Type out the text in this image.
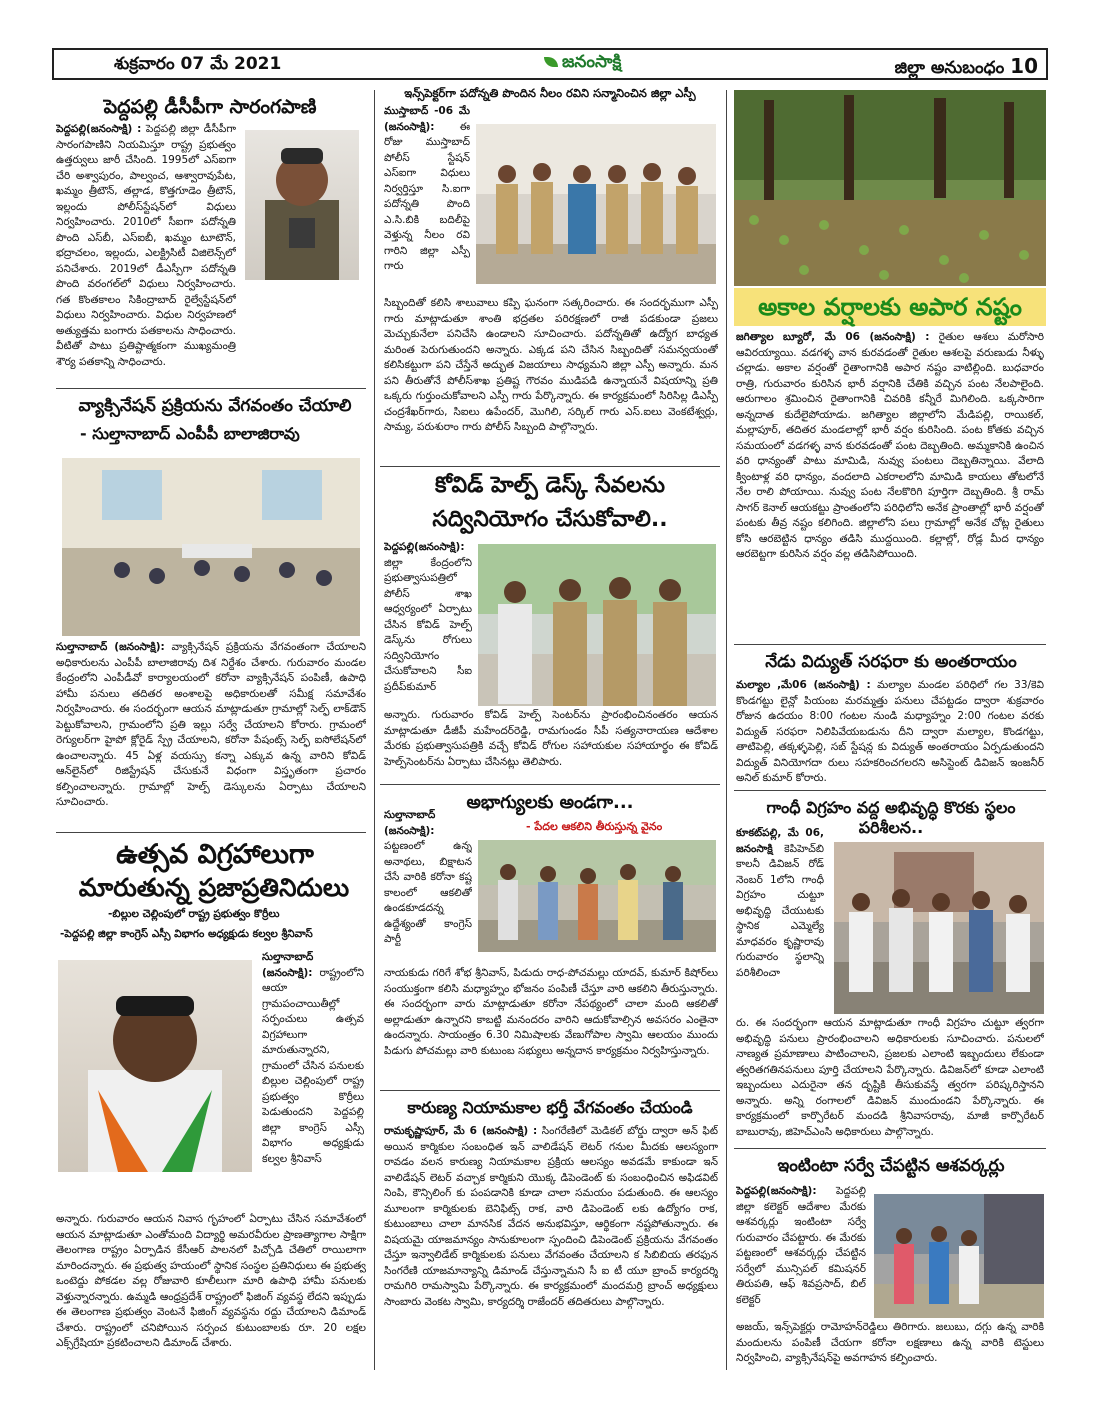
శుక్రవారం 07 మే 2021	జనంసాక్షి	జిల్లా అనుబంధం 10
పెద్దపల్లి డీసీపీగా సారంగపాణి
పెద్దపల్లి(జనంసాక్షి) : పెద్దపల్లి జిల్లా డీసీపీగా సారంగపాణిని నియమిస్తూ రాష్ట్ర ప్రభుత్వం ఉత్తర్వులు జారీ చేసింది. 1995లో ఎస్ఐగా చేరి అశ్వాపురం, పాల్వంచ, ఆశ్వారావుపేట, ఖమ్మం త్రీటౌన్, తల్లాడ, కొత్తగూడెం త్రీటౌన్, ఇల్లందు పోలీస్‌స్టేషన్‌లో విధులు నిర్వహించారు. 2010లో సీఐగా పదోన్నతి పొంది ఎస్‌బీ, ఎస్‌ఐబీ, ఖమ్మం టూటౌన్, భద్రాచలం, ఇల్లందు, ఎలక్ట్రిసిటీ విజిలెన్స్‌లో పనిచేశారు. 2019లో డీఎస్పీగా పదోన్నతి పొంది వరంగల్‌లో విధులు నిర్వహించారు. గత కొంతకాలం సికింద్రాబాద్ రైల్వేస్టేషన్‌లో విధులు నిర్వహించారు. విధుల నిర్వహణలో అత్యుత్తమ బంగారు పతకాలను సాధించారు. వీటితో పాటు ప్రతిష్టాత్మకంగా ముఖ్యమంత్రి శౌర్య పతకాన్ని సాధించారు.
వ్యాక్సినేషన్ ప్రక్రియను వేగవంతం చేయాలి
- సుల్తానాబాద్ ఎంపీపీ బాలాజిరావు
సుల్తానాబాద్ (జనంసాక్షి): వ్యాక్సినేషన్ ప్రక్రియను వేగవంతంగా చేయాలని అధికారులను ఎంపీపీ బాలాజిరావు దిశ నిర్దేశం చేశారు. గురువారం మండల కేంద్రంలోని ఎంపీడీవో కార్యాలయంలో కరోనా వ్యాక్సినేషన్ పంపిణీ, ఉపాధి హామీ పనులు తదితర అంశాలపై అధికారులతో సమీక్ష సమావేశం నిర్వహించారు. ఈ సందర్భంగా ఆయన మాట్లాడుతూ గ్రామాల్లో సెల్ఫ్ లాక్‌డౌన్ పెట్టుకోవాలని, గ్రామంలోని ప్రతి ఇల్లు సర్వే చేయాలని కోరారు. గ్రామంలో రెగ్యులర్‌గా హైపో క్లోరైడ్ స్ప్రే చేయాలని, కరోనా పేషంట్స్ సెల్ఫ్ ఐసోలేషన్‌లో ఉంచాలన్నారు. 45 ఏళ్ల వయస్సు కన్నా ఎక్కువ ఉన్న వారిని కోవిడ్ ఆన్‌లైన్‌లో రిజిస్ట్రేషన్ చేసుకునే విధంగా విస్తృతంగా ప్రచారం కల్పించాలన్నారు. గ్రామాల్లో హెల్ప్ డెస్కులను ఏర్పాటు చేయాలని సూచించారు.
ఉత్సవ విగ్రహాలుగా
మారుతున్న ప్రజాప్రతినిదులు
-బిల్లుల చెల్లింపులో రాష్ట్ర ప్రభుత్వం కొర్రీలు
-పెద్దపల్లి జిల్లా కాంగ్రెస్ ఎస్సీ విభాగం అధ్యక్షుడు కల్వల శ్రీనివాస్
సుల్తానాబాద్ (జనంసాక్షి): రాష్ట్రంలోని ఆయా గ్రామపంచాయితీల్లో సర్పంచులు ఉత్సవ విగ్రహాలుగా మారుతున్నారని, గ్రామంలో చేసిన పనులకు బిల్లుల చెల్లింపులో రాష్ట్ర ప్రభుత్వం కొర్రీలు పెడుతుందని పెద్దపల్లి జిల్లా కాంగ్రెస్ ఎస్సీ విభాగం అధ్యక్షుడు కల్వల శ్రీనివాస్
అన్నారు. గురువారం ఆయన నివాస గృహంలో ఏర్పాటు చేసిన సమావేశంలో ఆయన మాట్లాడుతూ ఎంతోమంది విద్యార్థి అమరవీరుల ప్రాణత్యాగాల సాక్షిగా తెలంగాణ రాష్ట్రం ఏర్పాడిన కేసీఆర్ పాలనలో పిచ్చోడి చేతిలో రాయిలాగా మారిందన్నారు. ఈ ప్రభుత్వ హయంలో స్థానిక సంస్థల ప్రతినిధులు ఈ ప్రభుత్వ ఒంటెద్దు పోకడల వల్ల రోజువారి కూలీలుగా మారి ఉపాధి హామీ పనులకు వెళ్తున్నారన్నారు. ఉమ్మడి ఆంధ్రప్రదేశ్ రాష్ట్రంలో ఫిజింగ్ వ్యవస్థ లేదని ఇప్పుడు ఈ తెలంగాణ ప్రభుత్వం వెంటనే ఫిజింగ్ వ్యవస్థను రద్దు చేయాలని డిమాండ్ చేశారు. రాష్ట్రంలో చనిపోయిన సర్పంచ కుటుంబాలకు రూ. 20 లక్షల ఎక్స్‌గ్రేషియా ప్రకటించాలని డిమాండ్ చేశారు.
ఇన్స్‌పెక్టర్‌గా పదోన్నతి పొందిన నీలం రవిని సన్మానించిన జిల్లా ఎస్పీ
ముస్తాబాద్ -06 మే (జనంసాక్షి): ఈ రోజు ముస్తాబాద్ పోలీస్ స్టేషన్ ఎస్ఐగా విధులు నిర్వర్తిస్తూ సి.ఐగా పదోన్నతి పొంది ఎ.సి.బికి బదిలీపై వెళ్తున్న నీలం రవి గారిని జిల్లా ఎస్పీ గారు
సిబ్బందితో కలిసి శాలువాలు కప్పి ఘనంగా సత్కరించారు. ఈ సందర్భముగా ఎస్పీ గారు మాట్లాడుతూ శాంతి భద్రతల పరిరక్షణలో రాజీ పడకుండా ప్రజలు మెచ్చుకునేలా పనిచేసి ఉండాలని సూచించారు. పదోన్నతితో ఉద్యోగ బాధ్యత మరింత పెరుగుతుందని అన్నారు. ఎక్కడ పని చేసిన సిబ్బందితో సమన్వయంతో కలిసికట్టుగా పని చేస్తేనే అద్భుత విజయాలు సాధ్యమని జిల్లా ఎస్పీ అన్నారు. మన పని తీరుతోనే పోలీస్‌శాఖ ప్రతిష్ట గౌరవం ముడిపడి ఉన్నాయనే విషయాన్ని ప్రతి ఒక్కరు గుర్తుంచుకోవాలని ఎస్పీ గారు పేర్కొన్నారు. ఈ కార్యక్రమంలో సిరిసిల్ల డిఎస్పీ చంద్రశేఖర్‌గారు, సిఐలు ఉపేందర్, మొగిలి, సర్కిల్ గారు ఎస్.ఐలు వెంకటేశ్వర్లు, సామ్య, పరుశురాం గారు పోలీస్ సిబ్బంది పాల్గొన్నారు.
కోవిడ్ హెల్ప్ డెస్క్ సేవలను
సద్వినియోగం చేసుకోవాలి..
పెద్దపల్లి(జనంసాక్షి): జిల్లా కేంద్రంలోని ప్రభుత్వాసుపత్రిలో పోలీస్ శాఖ ఆధ్వర్యంలో ఏర్పాటు చేసిన కోవిడ్ హెల్ప్ డెస్క్‌ను రోగులు సద్వినియోగం చేసుకోవాలని సీఐ ప్రదీప్‌కుమార్
అన్నారు. గురువారం కోవిడ్ హెల్ప్ సెంటర్‌ను ప్రారంభించినంతరం ఆయన మాట్లాడుతూ డీజీపీ మహేందర్‌రెడ్డి, రామగుండం సీపీ సత్యనారాయణ ఆదేశాల మేరకు ప్రభుత్వాసుపత్రికి వచ్చే కోవిడ్ రోగుల సహాయకుల సహాయార్థం ఈ కోవిడ్ హెల్ప్‌సెంటర్‌ను ఏర్పాటు చేసినట్లు తెలిపారు.
అభాగ్యులకు అండగా...
- పేదల ఆకలిని తీరుస్తున్న వైనం
సుల్తానాబాద్ (జనంసాక్షి): పట్టణంలో ఉన్న అనాథలు, బిక్షాటన చేసే వారికి కరోనా కష్ట కాలంలో ఆకలితో ఉండకూడదన్న ఉద్దేశ్యంతో కాంగ్రెస్ పార్టీ
నాయకుడు గరిగే శోభ శ్రీనివాస్, పిడుదు రాధ-పోచమల్లు యాదవ్, కుమార్ కిషోర్‌లు సంయుక్తంగా కలిసి మధ్యాహ్నం భోజనం పంపిణీ చేస్తూ వారి ఆకలిని తీరుస్తున్నారు. ఈ సందర్భంగా వారు మాట్లాడుతూ కరోనా నేపథ్యంలో చాలా మంది ఆకలితో అల్లాడుతూ ఉన్నారని కాబట్టి మనందరం వారిని ఆదుకోవాల్సిన అవసరం ఎంతైనా ఉందన్నారు. సాయంత్రం 6.30 నిమిషాలకు వేణుగోపాల స్వామి ఆలయం ముందు పిడుగు పోచమల్లు వారి కుటుంబ సభ్యులు అన్నదాన కార్యక్రమం నిర్వహిస్తున్నారు.
కారుణ్య నియామకాల భర్తీ వేగవంతం చేయండి
రామకృష్ణాపూర్, మే 6 (జనంసాక్షి) : సింగరేణిలో మెడికల్ బోర్డు ద్వారా అన్ ఫిట్ అయిన కార్మికుల సంబంధిత ఇన్ వాలిడేషన్ లెటర్ గనుల మీదకు ఆలస్యంగా రావడం వలన కారుణ్య నియామకాల ప్రక్రియ ఆలస్యం అవడమే కాకుండా ఇన్ వాలిడేషన్ లెటర్ వచ్చాక కార్మికుని యొక్క డిపెండెంట్ కు సంబంధించిన అఫిడవిట్ నింపి, కౌన్సిలింగ్ కు పంపడానికి కూడా చాలా సమయం పడుతుంది. ఈ ఆలస్యం మూలంగా కార్మికులకు బెనిఫిట్స్ రాక, వారి డిపెండెంట్ లకు ఉద్యోగం రాక, కుటుంబాలు చాలా మానసిక వేదన అనుభవిస్తూ, ఆర్థికంగా నష్టపోతున్నారు. ఈ విషయమై యాజమాన్యం సానుకూలంగా స్పందించి డిపెండెంట్ ప్రక్రియను వేగవంతం చేస్తూ ఇన్వాలిడేట్ కార్మికులకు పనులు వేగవంతం చేయాలని క సిబిబియ తరఫున సింగరేణి యాజమాన్యాన్ని డిమాండ్ చేస్తున్నామని సీ ఐ టీ యూ బ్రాంచ్ కార్యదర్శి రామగిరి రామస్వామి పేర్కొన్నారు. ఈ కార్యక్రమంలో మందమర్రి బ్రాంచ్ అధ్యక్షులు సాంబారు వెంకట స్వామి, కార్యదర్శి రాజేందర్ తదితరులు పాల్గొన్నారు.
అకాల వర్షాలకు అపార నష్టం
జగిత్యాల బ్యూరో, మే 06 (జనంసాక్షి) : రైతుల ఆశలు మరోసారి ఆవిరయ్యాయి. వడగళ్ళ వాన కురవడంతో రైతుల ఆశలపై వరుణుడు నీళ్ళు చల్లాడు. అకాల వర్షంతో రైతాంగానికి అపార నష్టం వాటిల్లింది. బుధవారం రాత్రి, గురువారం కురిసిన భారీ వర్షానికి చేతికి వచ్చిన పంట నేలపాలైంది. ఆరుగాలం శ్రమించిన రైతాంగానికి చివరికి కన్నీరే మిగిలింది. ఒక్కసారిగా అన్నదాత కుదేలైపోయాడు. జగిత్యాల జిల్లాలోని మేడిపల్లి, రాయికల్, మల్లాపూర్, తదితర మండలాల్లో భారీ వర్షం కురిసింది. పంట కోతకు వచ్చిన సమయంలో వడగళ్ళ వాన కురవడంతో పంట దెబ్బతింది. అమ్మకానికి ఉంచిన వరి ధాన్యంతో పాటు మామిడి, నువ్వు పంటలు దెబ్బతిన్నాయి. వేలాది క్వింటాళ్ల వరి ధాన్యం, వందలాది ఎకరాలలోని మామిడి కాయలు తోటలోనే నేల రాలి పోయాయి. నువ్వు పంట నేలకొరిగి పూర్తిగా దెబ్బతింది. శ్రీ రామ్ సాగర్ కెనాల్ ఆయకట్టు ప్రాంతంలోని పరిధిలోని అనేక ప్రాంతాల్లో భారీ వర్షంతో పంటకు తీవ్ర నష్టం కలిగింది. జిల్లాలోని పలు గ్రామాల్లో అనేక చోట్ల రైతులు కోసి ఆరబెట్టిన ధాన్యం తడిసి ముద్దయింది. కల్లాల్లో, రోడ్ల మీద ధాన్యం ఆరబెట్టగా కురిసిన వర్షం వల్ల తడిసిపోయింది.
నేడు విద్యుత్ సరఫరా కు అంతరాయం
మల్యాల ,మే06 (జనంసాక్షి) : మల్యాల మండల పరిధిలో గల 33/కెవి కొండగట్టు లైన్లో పియంబ మరమ్మత్తు పనులు చేపట్టడం ద్వారా శుక్రవారం రోజున ఉదయం 8:00 గంటల నుండి మధ్యాహ్నం 2:00 గంటల వరకు విద్యుత్ సరఫరా నిలిపివేయబడును దీని ద్వారా మల్యాల, కొండగట్టు, తాటిపెల్లి, తక్కళ్ళపెల్లి, సబ్ స్టేషన్ల కు విద్యుత్ అంతరాయం ఏర్పడుతుందని విద్యుత్ వినియోగదా రులు సహకరించగలరని అసిస్టెంట్ డివిజన్ ఇంజనీర్ అనిల్ కుమార్ కోరారు.
గాంధీ విగ్రహం వద్ద అభివృద్ధి కొరకు స్థలం పరిశీలన..
కూకట్‌పల్లి, మే 06, జనంసాక్షి కెపిహెచ్‌బి కాలనీ డివిజన్ రోడ్ నెంబర్ 1లోని గాంధీ విగ్రహం చుట్టూ అభివృద్ధి చేయుటకు స్థానిక ఎమ్మెల్యే మాధవరం కృష్ణారావు గురువారం స్థలాన్ని పరిశీలించా
రు. ఈ సందర్భంగా ఆయన మాట్లాడుతూ గాంధీ విగ్రహం చుట్టూ త్వరగా అభివృద్ధి పనులు ప్రారంభించాలని అధికారులకు సూచించారు. పనులలో నాణ్యత ప్రమాణాలు పాటించాలని, ప్రజలకు ఎలాంటి ఇబ్బందులు లేకుండా త్వరితగతినపనులు పూర్తి చేయాలని పేర్కొన్నారు. డివిజన్‌లో కూడా ఎలాంటి ఇబ్బందులు ఎదురైనా తన దృష్టికి తీసుకువస్తే త్వరగా పరిష్కరిస్తానని అన్నారు. అన్ని రంగాలలో డివిజన్ ముందుండని పేర్కొన్నారు. ఈ కార్యక్రమంలో కార్పొరేటర్ మందడి శ్రీనివాసరావు, మాజీ కార్పొరేటర్ బాబురావు, జిహెచ్ఎంసి అధికారులు పాల్గొన్నారు.
ఇంటింటా సర్వే చేపట్టిన ఆశవర్కర్లు
పెద్దపల్లి(జనంసాక్షి): పెద్దపల్లి జిల్లా కలెక్టర్ ఆదేశాల మేరకు ఆశవర్కర్లు ఇంటింటా సర్వే గురువారం చేపట్టారు. ఈ మేరకు పట్టణంలో ఆశవర్కర్లు చేపట్టిన సర్వేలో మున్సిపల్ కమిషనర్ తిరుపతి, ఆఫ్ శివప్రసాద్, బిల్ కలెక్టర్
అజయ్, ఇన్స్‌పెక్టర్లు రామోహన్‌రెడ్డిలు తిరిగారు. జలుబు, దగ్గు ఉన్న వారికి మందులను పంపిణీ చేయగా కరోనా లక్షణాలు ఉన్న వారికి టెస్టులు నిర్వహించి, వ్యాక్సినేషన్‌పై అవగాహన కల్పించారు.
